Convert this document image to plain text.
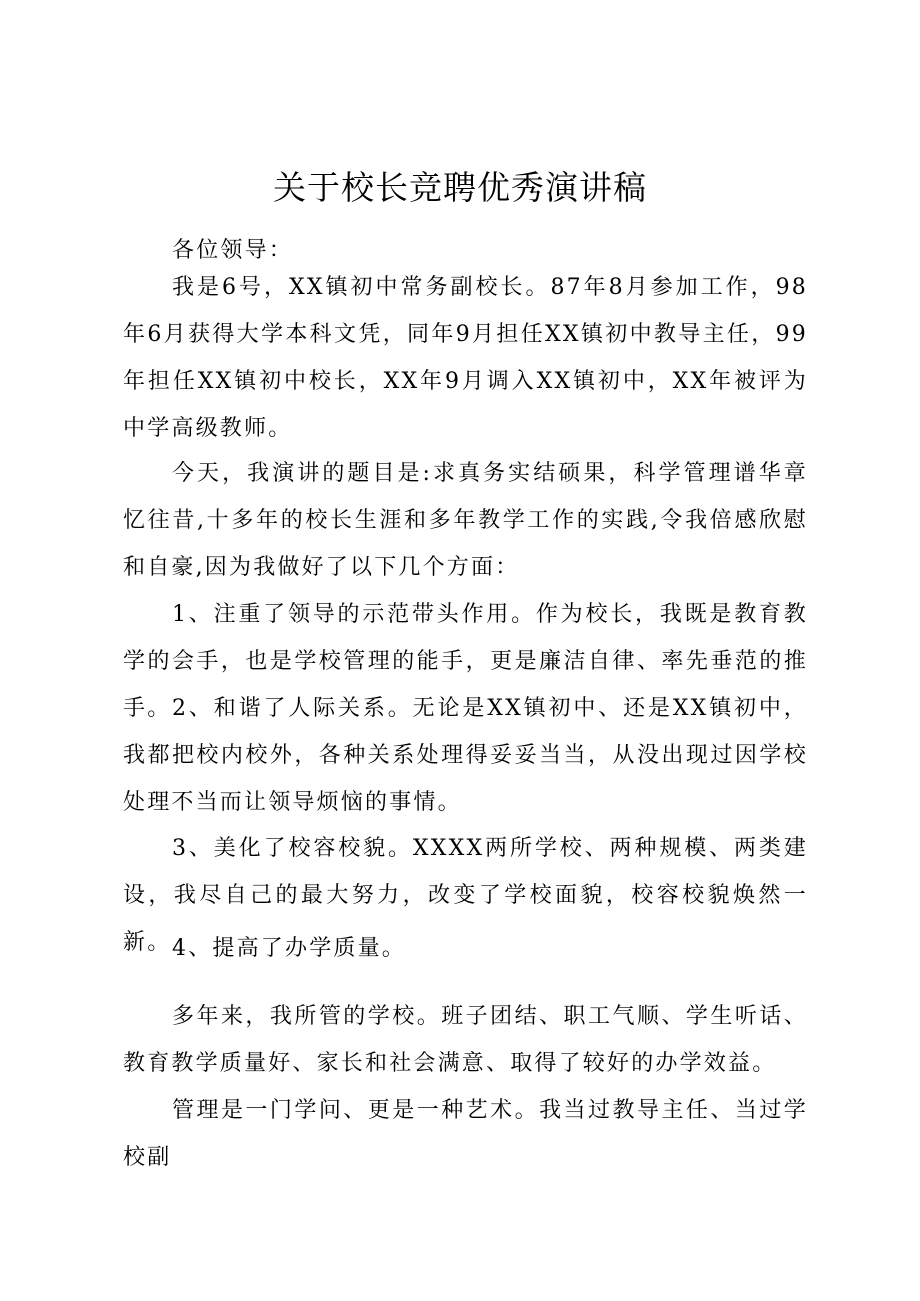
关于校长竞聘优秀演讲稿

各位领导：

我是6号，XX镇初中常务副校长。87年8月参加工作，98年6月获得大学本科文凭，同年9月担任XX镇初中教导主任，99年担任XX镇初中校长，XX年9月调入XX镇初中，XX年被评为中学高级教师。

今天，我演讲的题目是:求真务实结硕果，科学管理谱华章忆往昔,十多年的校长生涯和多年教学工作的实践,令我倍感欣慰和自豪,因为我做好了以下几个方面：

1、注重了领导的示范带头作用。作为校长，我既是教育教学的会手，也是学校管理的能手，更是廉洁自律、率先垂范的推手。 2、和谐了人际关系。无论是XX镇初中、还是XX镇初中，我都把校内校外，各种关系处理得妥妥当当，从没出现过因学校处理不当而让领导烦恼的事情。

3、美化了校容校貌。XXXX两所学校、两种规模、两类建设，我尽自己的最大努力，改变了学校面貌，校容校貌焕然一新。 4、提高了办学质量。

多年来，我所管的学校。班子团结、职工气顺、学生听话、教育教学质量好、家长和社会满意、取得了较好的办学效益。

管理是一门学问、更是一种艺术。我当过教导主任、当过学校副
